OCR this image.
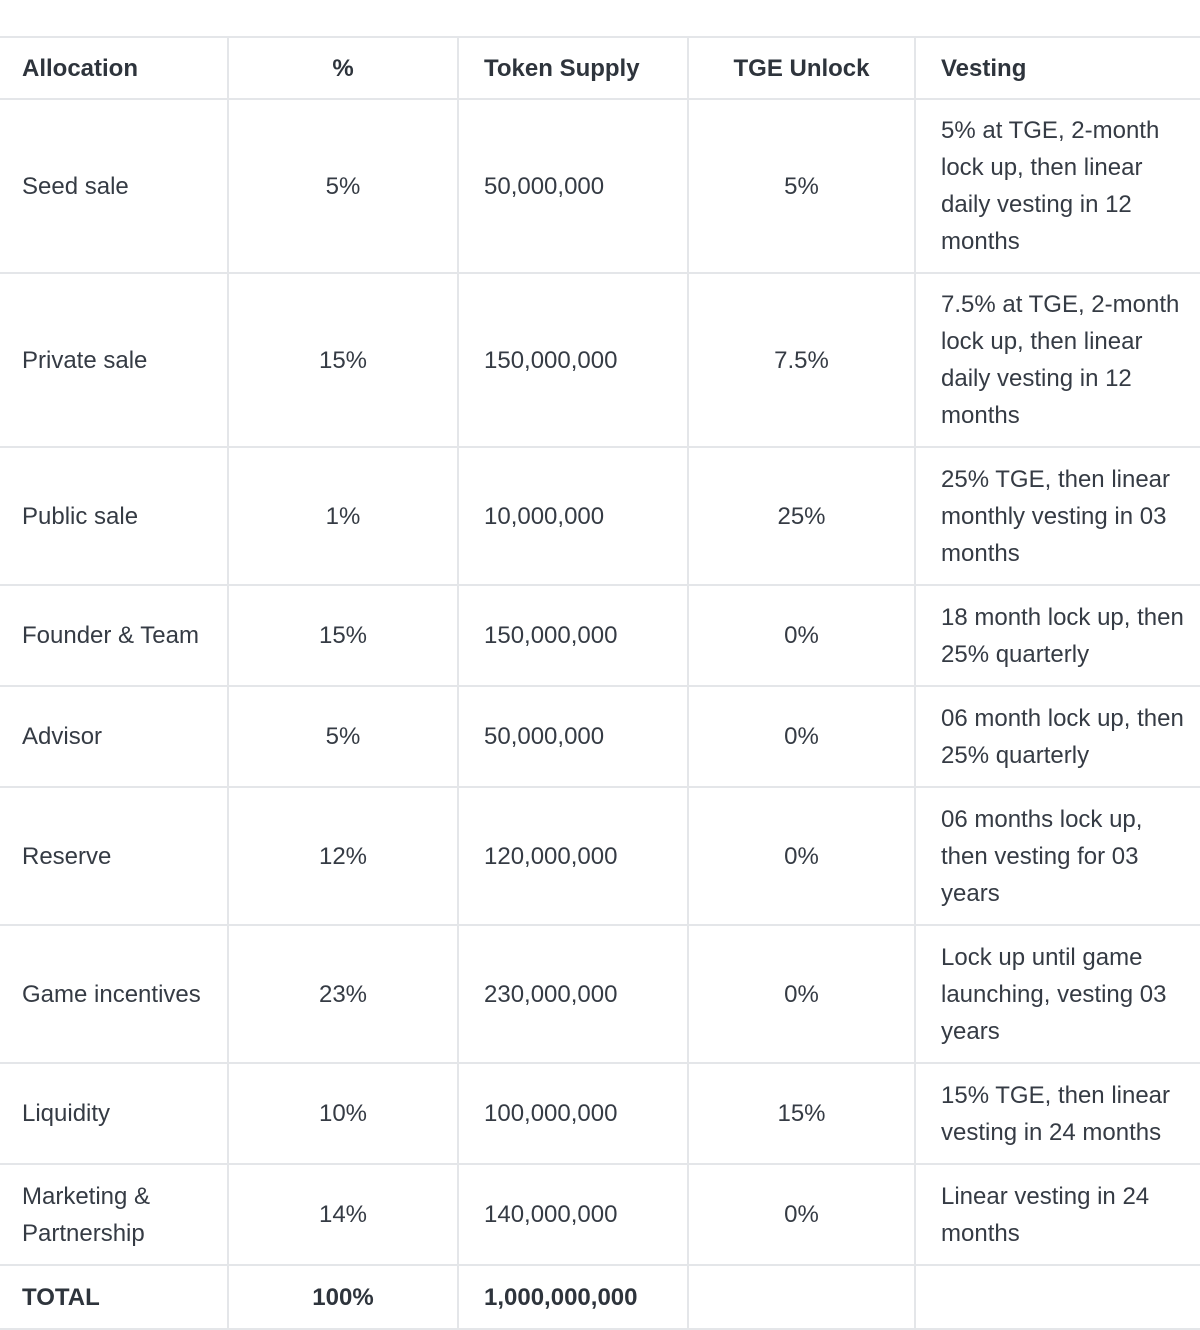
Allocation	%	Token Supply	TGE Unlock	Vesting
Seed sale	5%	50,000,000	5%	5% at TGE, 2-month lock up, then linear daily vesting in 12 months
Private sale	15%	150,000,000	7.5%	7.5% at TGE, 2-month lock up, then linear daily vesting in 12 months
Public sale	1%	10,000,000	25%	25% TGE, then linear monthly vesting in 03 months
Founder & Team	15%	150,000,000	0%	18 month lock up, then 25% quarterly
Advisor	5%	50,000,000	0%	06 month lock up, then 25% quarterly
Reserve	12%	120,000,000	0%	06 months lock up, then vesting for 03 years
Game incentives	23%	230,000,000	0%	Lock up until game launching, vesting 03 years
Liquidity	10%	100,000,000	15%	15% TGE, then linear vesting in 24 months
Marketing & Partnership	14%	140,000,000	0%	Linear vesting in 24 months
TOTAL	100%	1,000,000,000		
